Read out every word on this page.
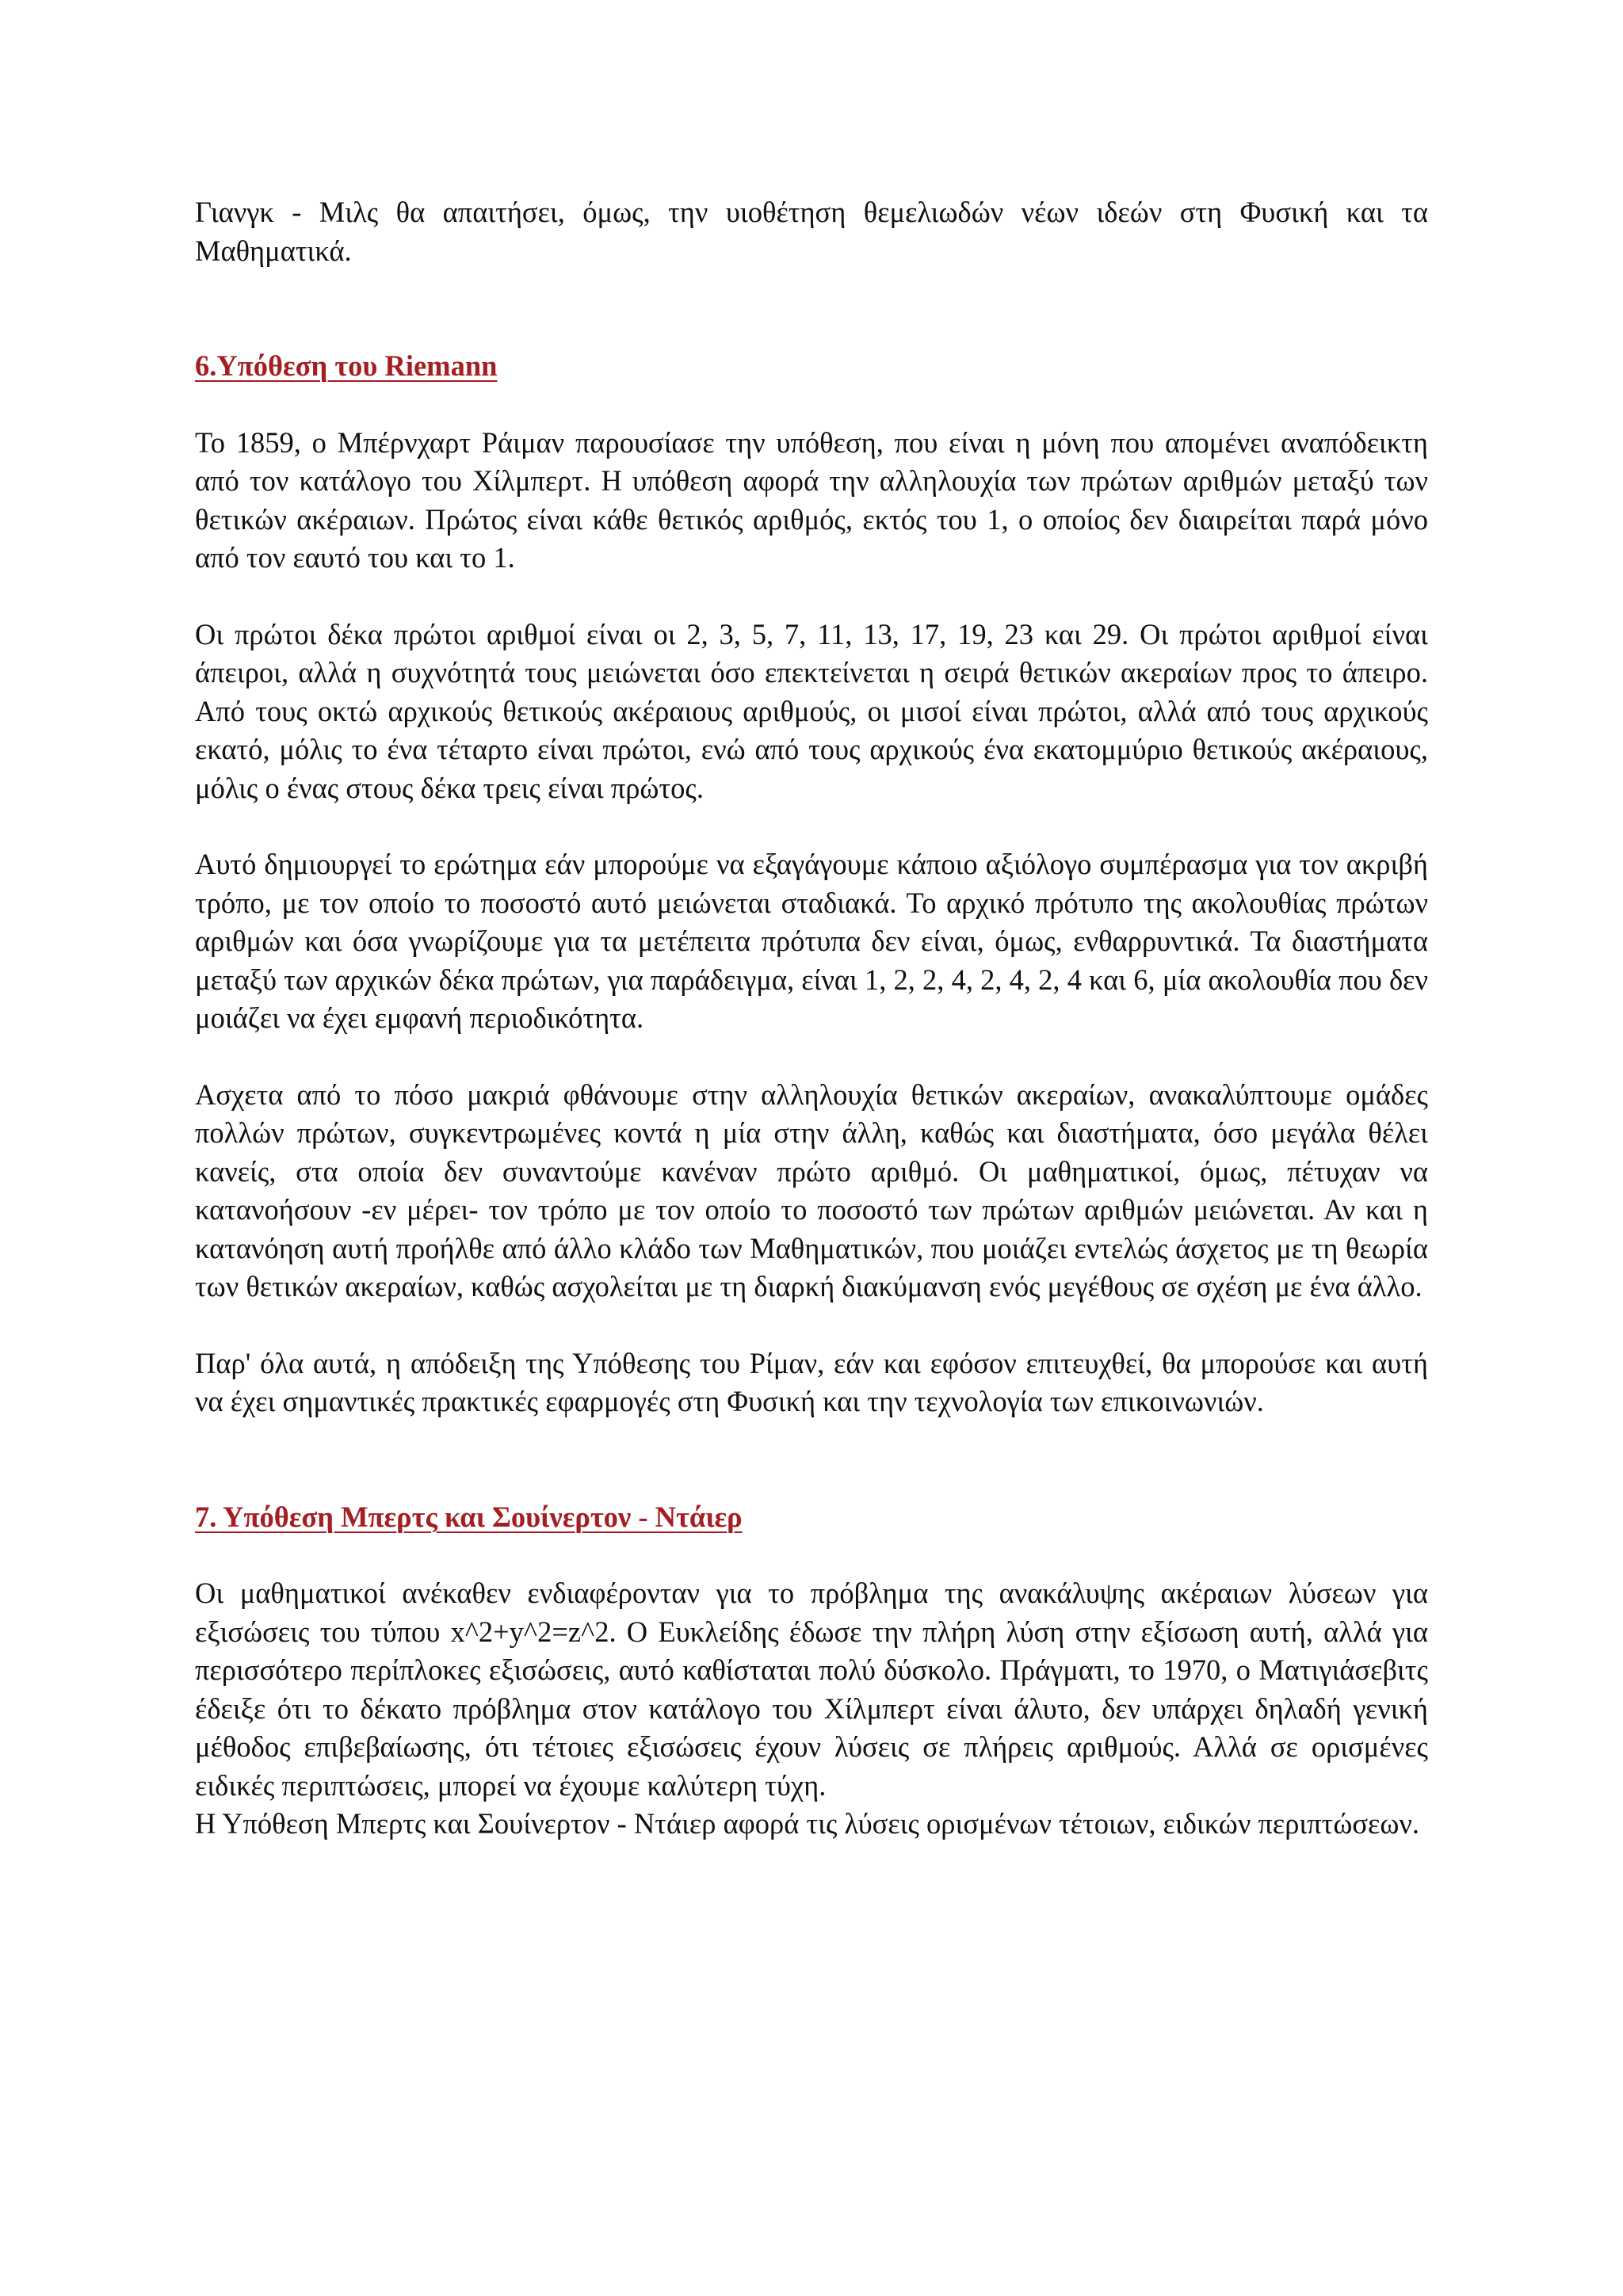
Γιανγκ - Μιλς θα απαιτήσει, όμως, την υιοθέτηση θεμελιωδών νέων ιδεών στη Φυσική και τα Μαθηματικά.

6.Υπόθεση του Riemann

Το 1859, ο Μπέρνχαρτ Ράιμαν παρουσίασε την υπόθεση, που είναι η μόνη που απομένει αναπόδεικτη από τον κατάλογο του Χίλμπερτ. Η υπόθεση αφορά την αλληλουχία των πρώτων αριθμών μεταξύ των θετικών ακέραιων. Πρώτος είναι κάθε θετικός αριθμός, εκτός του 1, ο οποίος δεν διαιρείται παρά μόνο από τον εαυτό του και το 1.

Οι πρώτοι δέκα πρώτοι αριθμοί είναι οι 2, 3, 5, 7, 11, 13, 17, 19, 23 και 29. Οι πρώτοι αριθμοί είναι άπειροι, αλλά η συχνότητά τους μειώνεται όσο επεκτείνεται η σειρά θετικών ακεραίων προς το άπειρο. Από τους οκτώ αρχικούς θετικούς ακέραιους αριθμούς, οι μισοί είναι πρώτοι, αλλά από τους αρχικούς εκατό, μόλις το ένα τέταρτο είναι πρώτοι, ενώ από τους αρχικούς ένα εκατομμύριο θετικούς ακέραιους, μόλις ο ένας στους δέκα τρεις είναι πρώτος.

Αυτό δημιουργεί το ερώτημα εάν μπορούμε να εξαγάγουμε κάποιο αξιόλογο συμπέρασμα για τον ακριβή τρόπο, με τον οποίο το ποσοστό αυτό μειώνεται σταδιακά. Το αρχικό πρότυπο της ακολουθίας πρώτων αριθμών και όσα γνωρίζουμε για τα μετέπειτα πρότυπα δεν είναι, όμως, ενθαρρυντικά. Τα διαστήματα μεταξύ των αρχικών δέκα πρώτων, για παράδειγμα, είναι 1, 2, 2, 4, 2, 4, 2, 4 και 6, μία ακολουθία που δεν μοιάζει να έχει εμφανή περιοδικότητα.

Ασχετα από το πόσο μακριά φθάνουμε στην αλληλουχία θετικών ακεραίων, ανακαλύπτουμε ομάδες πολλών πρώτων, συγκεντρωμένες κοντά η μία στην άλλη, καθώς και διαστήματα, όσο μεγάλα θέλει κανείς, στα οποία δεν συναντούμε κανέναν πρώτο αριθμό. Οι μαθηματικοί, όμως, πέτυχαν να κατανοήσουν -εν μέρει- τον τρόπο με τον οποίο το ποσοστό των πρώτων αριθμών μειώνεται. Αν και η κατανόηση αυτή προήλθε από άλλο κλάδο των Μαθηματικών, που μοιάζει εντελώς άσχετος με τη θεωρία των θετικών ακεραίων, καθώς ασχολείται με τη διαρκή διακύμανση ενός μεγέθους σε σχέση με ένα άλλο.

Παρ' όλα αυτά, η απόδειξη της Υπόθεσης του Ρίμαν, εάν και εφόσον επιτευχθεί, θα μπορούσε και αυτή να έχει σημαντικές πρακτικές εφαρμογές στη Φυσική και την τεχνολογία των επικοινωνιών.

7. Υπόθεση Μπερτς και Σουίνερτον - Ντάιερ

Οι μαθηματικοί ανέκαθεν ενδιαφέρονταν για το πρόβλημα της ανακάλυψης ακέραιων λύσεων για εξισώσεις του τύπου x^2+y^2=z^2. Ο Ευκλείδης έδωσε την πλήρη λύση στην εξίσωση αυτή, αλλά για περισσότερο περίπλοκες εξισώσεις, αυτό καθίσταται πολύ δύσκολο. Πράγματι, το 1970, ο Ματιγιάσεβιτς έδειξε ότι το δέκατο πρόβλημα στον κατάλογο του Χίλμπερτ είναι άλυτο, δεν υπάρχει δηλαδή γενική μέθοδος επιβεβαίωσης, ότι τέτοιες εξισώσεις έχουν λύσεις σε πλήρεις αριθμούς. Αλλά σε ορισμένες ειδικές περιπτώσεις, μπορεί να έχουμε καλύτερη τύχη.

Η Υπόθεση Μπερτς και Σουίνερτον - Ντάιερ αφορά τις λύσεις ορισμένων τέτοιων, ειδικών περιπτώσεων.
